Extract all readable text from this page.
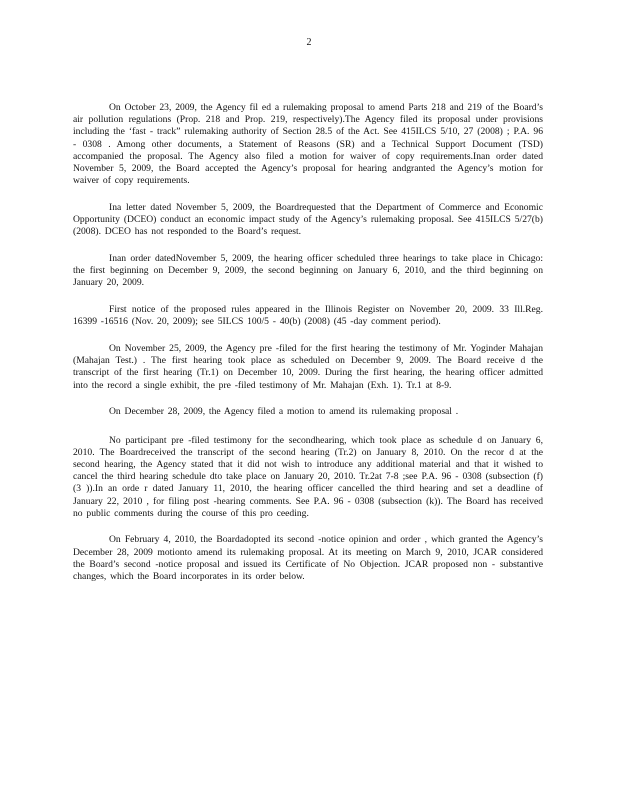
2

On October 23, 2009, the Agency fil ed a rulemaking proposal to amend Parts 218 and 219 of the Board’s air pollution regulations (Prop. 218 and Prop. 219, respectively).The Agency filed its proposal under provisions including the ‘fast - track” rulemaking authority of Section 28.5 of the Act. See 415ILCS 5/10, 27 (2008) ; P.A. 96 - 0308 . Among other documents, a Statement of Reasons (SR) and a Technical Support Document (TSD) accompanied the proposal. The Agency also filed a motion for waiver of copy requirements.Inan order dated November 5, 2009, the Board accepted the Agency’s proposal for hearing andgranted the Agency’s motion for waiver of copy requirements.

Ina letter dated November 5, 2009, the Boardrequested that the Department of Commerce and Economic Opportunity (DCEO) conduct an economic impact study of the Agency’s rulemaking proposal. See 415ILCS 5/27(b) (2008). DCEO has not responded to the Board’s request.

Inan order datedNovember 5, 2009, the hearing officer scheduled three hearings to take place in Chicago: the first beginning on December 9, 2009, the second beginning on January 6, 2010, and the third beginning on January 20, 2009.

First notice of the proposed rules appeared in the Illinois Register on November 20, 2009. 33 Ill.Reg. 16399 -16516 (Nov. 20, 2009); see 5ILCS 100/5 - 40(b) (2008) (45 -day comment period).

On November 25, 2009, the Agency pre -filed for the first hearing the testimony of Mr. Yoginder Mahajan (Mahajan Test.) . The first hearing took place as scheduled on December 9, 2009. The Board receive d the transcript of the first hearing (Tr.1) on December 10, 2009. During the first hearing, the hearing officer admitted into the record a single exhibit, the pre -filed testimony of Mr. Mahajan (Exh. 1). Tr.1 at 8-9.

On December 28, 2009, the Agency filed a motion to amend its rulemaking proposal .

No participant pre -filed testimony for the secondhearing, which took place as schedule d on January 6, 2010. The Boardreceived the transcript of the second hearing (Tr.2) on January 8, 2010. On the recor d at the second hearing, the Agency stated that it did not wish to introduce any additional material and that it wished to cancel the third hearing schedule dto take place on January 20, 2010. Tr.2at 7-8 ;see P.A. 96 - 0308 (subsection (f)(3 )).In an orde r dated January 11, 2010, the hearing officer cancelled the third hearing and set a deadline of January 22, 2010 , for filing post -hearing comments. See P.A. 96 - 0308 (subsection (k)). The Board has received no public comments during the course of this pro ceeding.

On February 4, 2010, the Boardadopted its second -notice opinion and order , which granted the Agency’s December 28, 2009 motionto amend its rulemaking proposal. At its meeting on March 9, 2010, JCAR considered the Board’s second -notice proposal and issued its Certificate of No Objection. JCAR proposed non - substantive changes, which the Board incorporates in its order below.
